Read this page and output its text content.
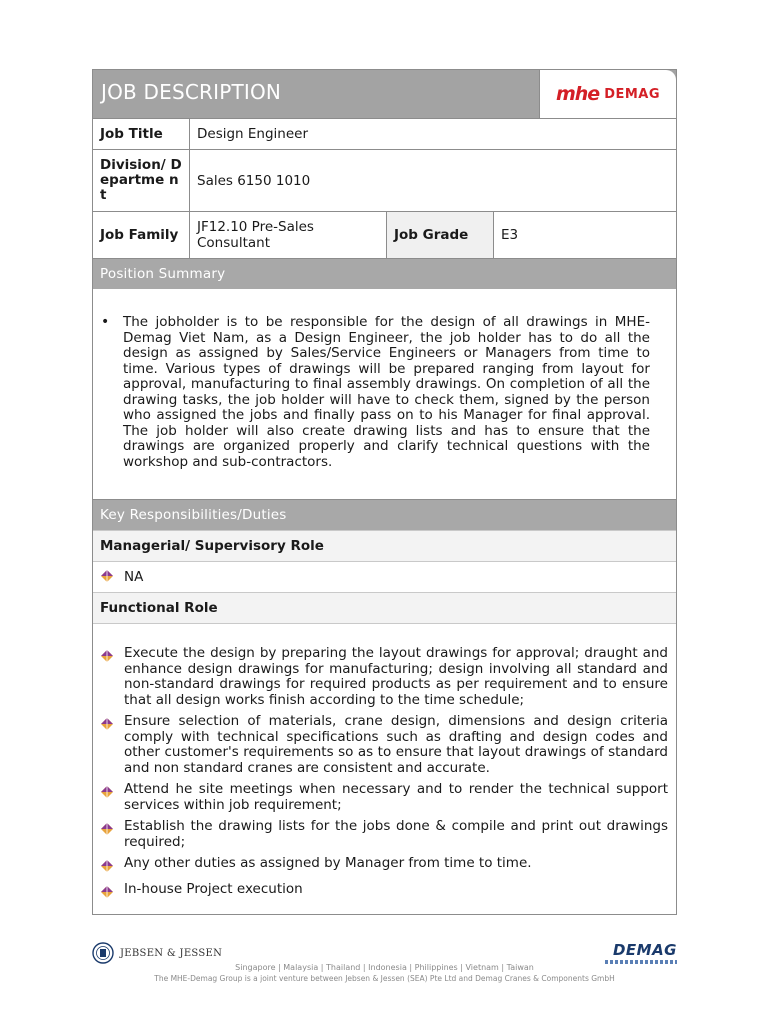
JOB DESCRIPTION	mhe DEMAG
Job Title	Design Engineer		
Division/ Departme nt	Sales 6150 1010		
Job Family	JF12.10 Pre-Sales Consultant	Job Grade	E3
Position Summary
•	The jobholder is to be responsible for the design of all drawings in MHE-Demag Viet Nam, as a Design Engineer, the job holder has to do all the design as assigned by Sales/Service Engineers or Managers from time to time. Various types of drawings will be prepared ranging from layout for approval, manufacturing to final assembly drawings. On completion of all the drawing tasks, the job holder will have to check them, signed by the person who assigned the jobs and finally pass on to his Manager for final approval. The job holder will also create drawing lists and has to ensure that the drawings are organized properly and clarify technical questions with the workshop and sub-contractors.
Key Responsibilities/Duties
Managerial/ Supervisory Role
NA
Functional Role
Execute the design by preparing the layout drawings for approval; draught and enhance design drawings for manufacturing; design involving all standard and non-standard drawings for required products as per requirement and to ensure that all design works finish according to the time schedule;
Ensure selection of materials, crane design, dimensions and design criteria comply with technical specifications such as drafting and design codes and other customer's requirements so as to ensure that layout drawings of standard and non standard cranes are consistent and accurate.
Attend he site meetings when necessary and to render the technical support services within job requirement;
Establish the drawing lists for the jobs done & compile and print out drawings required;
Any other duties as assigned by Manager from time to time.
In-house Project execution
JEBSEN & JESSEN	DEMAG
Singapore | Malaysia | Thailand | Indonesia | Philippines | Vietnam | Taiwan
The MHE-Demag Group is a joint venture between Jebsen & Jessen (SEA) Pte Ltd and Demag Cranes & Components GmbH
